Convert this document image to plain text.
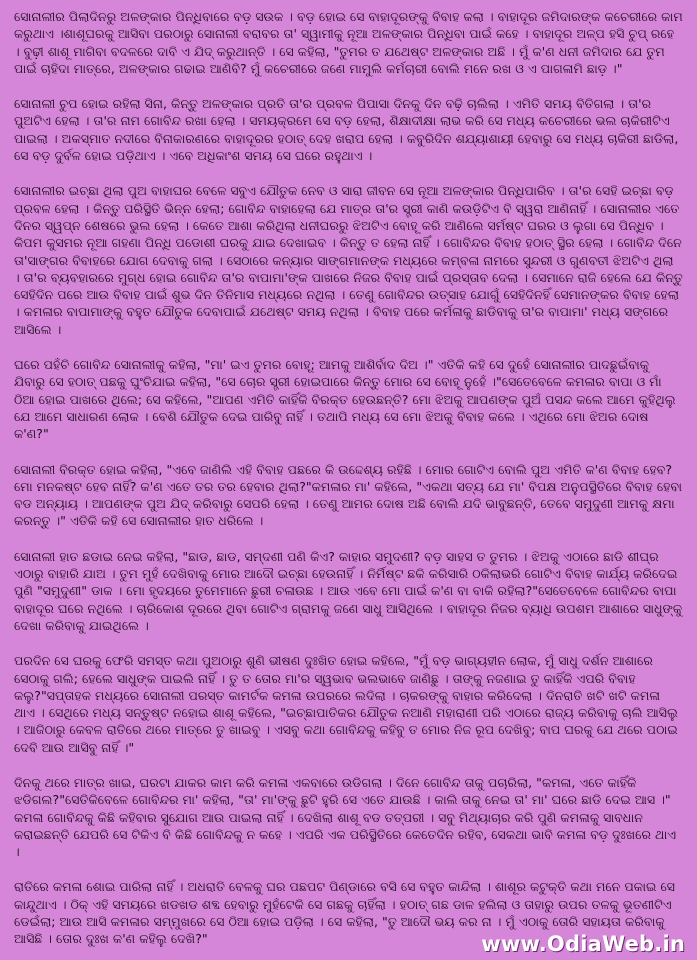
ସୋନାଲୀର ପିଲାଦିନରୁ ଅଳଙ୍କାର ପିନ୍ଧିବାରେ ବଡ଼ ସଉକ । ବଡ଼ ହୋଇ ସେ ବାହାଦୂରଙ୍କୁ ବିବାହ କଲା । ବାହାଦୂର ଜମିଦାରଙ୍କ କଚେରୀରେ କାମ କରୁଥାଏ ।ଶାଶୂଘରକୁ ଆସିବା ପରଠାରୁ ସୋନାଲୀ ବରାବର ତା' ସ୍ୱାମୀକୁ ନୂଆ ଅଳଙ୍କାର ପିନ୍ଧିବା ପାଇଁ କହେ । ବାହାଦୂର ଅଳ୍ପ ହସି ଚୁପ୍ ରହେ । ବୁଢ଼ୀ ଶାଶୂ ମାଗିବା ବଦଳରେ ଦାବି ଏ ଯିଦ୍ କରୁଥାନ୍ତି । ସେ କହିଲା, "ତୁମର ତ ଯଥେଷ୍ଟ ଅଳଙ୍କାର ଅଛି । ମୁଁ କ'ଣ ଧନୀ ଜମିଦାର ଯେ ତୁମ ପାଇଁ ଚାହିଦା ମାତ୍ରେ, ଅଳଙ୍କାର ଗଢାଇ ଆଣିବି? ମୁଁ କଚେରୀରେ ଜଣେ ମାମୁଲି କର୍ମଚାରୀ ବୋଲି ମନେ ରଖ ଓ ଏ ପାଗଳାମି ଛାଡ଼ ।"

ସୋନାଲୀ ଚୁପ ହୋଇ ରହିଲା ସିନା, କିନ୍ତୁ ଅଳଙ୍କାର ପ୍ରତି ତା'ର ପ୍ରବଳ ପିପାସା ଦିନକୁ ଦିନ ବଢ଼ି ଚାଲିଲା । ଏମିତି ସମୟ ବିତିଗଲା । ତା'ର ପୁଅଟିଏ ହେଲା । ତା'ର ନାମ ଗୋବିନ୍ଦ ରଖା ହେଲା । ସମୟକ୍ରମେ ସେ ବଡ଼ ହେଲା, ଶିକ୍ଷାଦୀକ୍ଷା ଲାଭ କରି ସେ ମଧ୍ୟ କଚେରୀରେ ଭଲ ଚାକିରୀଟିଏ ପାଇଲା । ଅକସ୍ମାତ ନଦୀରେ ବିନାକାରଣରେ ବାହାଦୂରର ହଠାତ୍ ଦେହ ଖରାପ ହେଲା । କବୁରିଦିନ ଶଯ୍ୟାଶାୟୀ ହେବାରୁ ସେ ମଧ୍ୟ ଚାକିରୀ ଛାଡିଲା, ସେ ବଡ଼ ଦୁର୍ବଳ ହୋଇ ପଡ଼ିଥାଏ । ଏବେ ଅଧିକାଂଶ ସମୟ ସେ ଘରେ ରହୁଥାଏ ।

ସୋନାଲୀର ଇଚ୍ଛା ଥିଲା ପୁଅ ବାହାଘର ବେଳେ ସବୁଏ ଯୌତୁକ ନେବ ଓ ସାରା ଜୀବନ ସେ ନୂଆ ଅଳଙ୍କାର ପିନ୍ଧିପାରିବ । ତା'ର ସେହି ଇଚ୍ଛା ବଡ଼ ପ୍ରବଳ ହେଲା । କିନ୍ତୁ ପରିସ୍ଥିତି ଭିନ୍ନ ହେଲା; ଗୋବିନ୍ଦ ବାହାହେଲା ଯେ ମାତ୍ର ତା'ର ସ୍ତ୍ରୀ କାଣି କଉଡ଼ିଟିଏ ବି ସ୍ୱରା ଆଣିନାହିଁ । ସୋନାଲୀର ଏତେ ଦିନର ସ୍ୱପ୍ନ ଶେଷରେ ଭୁଲ ହେଲା । କେତେ ଆଶା କରିଥିଲା ଧନୀଘରରୁ ଝିଅଟିଏ ବୋହୂ କରି ଆଣିଲେ ସର୍ମଷ୍ଟ ଘରର ଓ ଲୁଗା ସେ ପିନ୍ଧିବ । କିପମ କୁସମର ନୂଆ ଗହଣା ପିନ୍ଧି ପଡୋଶୀ ଘରକୁ ଯାଇ ଦେଖାଇବ । କିନ୍ତୁ ତ ହେଲା ନାହିଁ । ଗୋବିନ୍ଦର ବିବାହ ହଠାତ୍ ସ୍ଥିର ହେଲା । ଗୋବିନ୍ଦ ଦିନେ ତା'ସାଙ୍ଗର ବିବାହରେ ଯୋଗ ଦେବାକୁ ଗଲା । ସେଠାରେ କନ୍ୟାର ସାଙ୍ଗମାନଙ୍କ ମଧ୍ୟରେ କମ୍ବଳା ନାମରେ ସୁନ୍ଦରୀ ଓ ଗୁଣବତୀ ଝିଅଟିଏ ଥିଲା । ତା'ର ବ୍ୟବହାରରେ ମୁଗ୍ଧ ହୋଇ ଗୋବିନ୍ଦ ତା'ର ବାପାମା'ଙ୍କ ପାଖରେ ନିଜର ବିବାହ ପାଇଁ ପ୍ରସ୍ତାବ ଦେଲା । ସେମାନେ ରାଜି ହେଲେ ଯେ କିନ୍ତୁ ସେହିଦିନ ପରେ ଆଉ ବିବାହ ପାଇଁ ଶୁଭ ଦିନ ତିନିମାସ ମଧ୍ୟରେ ନଥିଲା । ତେଣୁ ଗୋବିନ୍ଦର ଉତ୍ସାହ ଯୋଗୁଁ ସେହିଦିନହିଁ ସେମାନଙ୍କର ବିବାହ ହେଲା । କମଳାର ବାପାମାଙ୍କୁ ବହୁତ ଯୌତୁକ ଦେବାପାଇଁ ଯଥେଷ୍ଟ ସମୟ ନଥିଲା । ବିବାହ ପରେ କର୍ମଳାକୁ ଛାଡିବାକୁ ତା'ର ବାପାମା' ମଧ୍ୟ ସଙ୍ଗରେ ଆସିଲେ ।

ଘରେ ପହଁଚି ଗୋବିନ୍ଦ ସୋନାଲୀକୁ କହିଲା, "ମା' ଇଏ ତୁମର ବୋହୂ; ଆମକୁ ଆଶିର୍ବାଦ ଦିଅ ।" ଏତିକି କହି ସେ ଦୁହେଁ ସୋନାଲୀର ପାଦଛୁଇଁବାକୁ ଯିବାରୁ ସେ ହଠାତ୍ ପଛକୁ ଘୁଂଚିଯାଇ କହିଲା, "ସେ ଚୋର ସ୍ତ୍ରୀ ହୋଇପାରେ କିନ୍ତୁ ମୋର ସେ ବୋହୂ ନୁହେଁ ।"ସେତେବେଳେ କମଳାର ବାପା ଓ ମାଁ ଠିଆ ହୋଇ ପାଖରେ ଥିଲେ; ସେ କହିଲେ, "ଆପଣ ଏମିତି କାହିଁକି ବିରକ୍ତ ହେଉଛନ୍ତି? ମୋ ଝିଅକୁ ଆପଣଙ୍କ ପୁଅଁ ପସନ୍ଦ କଲେ ଆମେ କୁହିଥିଲୁ ଯେ ଆମେ ସାଧାରଣ ଲୋକ । ବେଶି ଯୌତୁକ ଦେଇ ପାରିବୁ ନାହିଁ । ତଥାପି ମଧ୍ୟ ସେ ମୋ ଝିଅକୁ ବିବାହ କଲେ । ଏଥିରେ ମୋ ଝିଅର ଦୋଷ କ'ଣ?"

ସୋନାଲୀ ବିରକ୍ତ ହୋଇ କହିଲା, "ଏବେ ଜାଣିଲି ଏହି ବିବାହ ପଛରେ କି ଉଦ୍ଦେଶ୍ୟ ରହିଛି । ମୋର ଗୋଟିଏ ବୋଲି ପୁଅ ଏମିତି କ'ଣ ବିବାହ ହେବ? ମୋ ମନକଷ୍ଟ ହେବ ନାହିଁ? କ'ଣ ଏତେ ତର ତର ହେବାର ଥିଲା?"କମଳାର ମା' କହିଲେ, "ଏକଥା ସତ୍ୟ ଯେ ମା' ବିପକ୍ଷ ଅନୁପସ୍ଥିତିରେ ବିବାହ ହେବା ବଡ ଅନ୍ୟାୟ । ଆପଣଙ୍କ ପୁଅ ଯିଦ୍ କରିବାରୁ ସେପରି ହେଲା । ତେଣୁ ଆମର ଦୋଷ ଅଛି ବୋଲି ଯଦି ଭାବୁଛନ୍ତି, ତେବେ ସମୁଦୁଣୀ ଆମକୁ କ୍ଷମା କରନ୍ତୁ ।" ଏତିକି କହି ସେ ସୋନାଲୀର ହାତ ଧରିଲେ ।

ସୋନାଲୀ ହାତ ଛଡାଇ ନେଇ କହିଲା, "ଛାଡ, ଛାଡ, ସମ୍ଦଣୀ ପଣି କିଏ? କାହାର ସମୁଦଣୀ? ବଡ଼ ସାହସ ତ ତୁମର । ଝିଅକୁ ଏଠାରେ ଛାଡି ଶୀଘ୍ର ଏଠାରୁ ବାହାରି ଯାଅ । ତୁମ ମୁହଁ ଦେଖିବାକୁ ମୋର ଆଦୌ ଇଚ୍ଛା ହେଉନାହିଁ । ନିର୍ମିଷ୍ଟ ଛକି କରିସାରି ଠକିଲାଭରି ଗୋଟିଏ ବିବାହ କାର୍ଯ୍ୟ କରିଦେଇ ପୁଣି "ସମୁଦୁଣୀ" ଡାକ । ମୋ ହୃଦୟରେ ତୁମେମାନେ ଛୁରୀ ଚଳାଉଛ । ଆଉ ଏବେ ମୋ ପାଇଁ କ'ଣ ବା ବାକି ରହିଲା?"ସେତେବେଳେ ଗୋବିନ୍ଦର ବାପା ବାହାଦୂର ଘରେ ନଥିଲେ । ଚାରିକୋଶ ଦୂରରେ ଥିବା ଗୋଟିଏ ଗ୍ରାମକୁ ଜଣେ ସାଧୁ ଆସିଥିଲେ । ବାହାଦୂର ନିଜର ବ୍ୟାଧି ଉପଶମ ଆଶାରେ ସାଧୁଙ୍କୁ ଦେଖା କରିବାକୁ ଯାଇଥିଲେ ।

ପରଦିନ ସେ ଘରକୁ ଫେରି ସମସ୍ତ କଥା ପୁଅଠାରୁ ଶୁଣି ଭୀଷଣ ଦୁଃଖିତ ହୋଇ କହିଲେ, "ମୁଁ ବଡ଼ ଭାଗ୍ୟହୀନ ଲୋକ, ମୁଁ ସାଧୁ ଦର୍ଶନ ଆଶାରେ ସେଠାକୁ ଗଲି; ହେଲେ ସାଧୁଙ୍କ ପାଇଲି ନାହିଁ । ତୁ ତ ତୋର ମା'ର ସ୍ୱଭାବ ଭଲଭାବେ ଜାଣିଛୁ । ତାଙ୍କୁ ନଜଣାଇ ତୁ କାହିଁକି ଏପରି ବିବାହ କଲୁ?"ସପ୍ତାହକ ମଧ୍ୟରେ ସୋନାଲୀ ପରସ୍ତ କାମର୍ଟକ କମଳା ଉପରରେ ଲଦିଲା । ଚାକରଙ୍କୁ ବାହାର କରିଦେଲା । ଦିନରାତି ଖଟି ଖଟି କମଳା ଥାଏ । ସେଥିରେ ମଧ୍ୟ ସନ୍ତୁଷ୍ଟ ନହୋଇ ଶାଶୂ କହିଲେ, "ଇଚ୍ଛାପାତିକର ଯୌତୁକ ନଆଣି ମହାରାଣୀ ପରି ଏଠାରେ ରାଜ୍ୟ କରିବାକୁ ଚାଲି ଆସିଲୁ । ଆଜିଠାରୁ କେବଳ ରାତିରେ ଥରେ ମାତ୍ରେ ତୁ ଖାଇବୁ । ଏସବୁ କଥା ଗୋବିନ୍ଦକୁ କହିବୁ ତ ମୋର ନିଜ ରୂପ ଦେଖିବୁ; ବାପ ଘରକୁ ଯେ ଥରେ ପଠାଇ ଦେବି ଆଉ ଆସିବୁ ନାହିଁ ।"

ଦିନକୁ ଥରେ ମାତ୍ର ଖାଇ, ଘରଟା ଯାକର କାମ କରି କମଳା ଏକବାରେ ଉଡିଗଲା । ଦିନେ ଗୋବିନ୍ଦ ତାକୁ ପଚାରିଲା, "କମଳା, ଏତେ କାହିଁକି ଝଡିଗଲ?"ସେତିକିବେଳେ ଗୋବିନ୍ଦର ମା' କହିଲା, "ତା' ମା'ଙ୍କୁ ଛୁଟି ହୁରି ସେ ଏତେ ଯାଉଛି । କାଲି ତାକୁ ନେଇ ତା' ମା' ଘରେ ଛାଡି ଦେଇ ଆସ ।" କମଳା ଗୋବିନ୍ଦକୁ କିଛି କହିବାର ସୁଯୋଗ ଆଉ ପାଇଲା ନାହିଁ । ଦେଖିଲା ଶାଶୂ ବଡ ତତ୍ପରୀ । ସବୁ ମିଥ୍ୟାଚାର କରି ପୁଣି କମଳାକୁ ସାବଧାନ କରାଇଛନ୍ତି ଯେପରି ସେ ଟିକିଏ ବି କିଛି ଗୋବିନ୍ଦକୁ ନ କହେ । ଏପରି ଏକ ପରିସ୍ଥିତିରେ କେତେଦିନ ରହିବ, ସେକଥା ଭାବି କମଳା ବଡ଼ ଦୁଃଖରେ ଥାଏ ।

ରାତିରେ କମଳା ଶୋଇ ପାରିଲା ନାହିଁ । ଅଧରାତି ବେଳକୁ ଘର ପଛପଟ ପିଣ୍ଡାରେ ବସି ସେ ବହୁତ କାନ୍ଦିଲା । ଶାଶୂର କଟୁକ୍ତି କଥା ମନେ ପକାଇ ସେ କାନ୍ଦୁଥାଏ । ଠିକ୍ ଏହି ସମୟରେ ଖଡଖଡ ଶବ୍ଦ ହେବାରୁ ମୁହଁଟେକି ସେ ଗଛକୁ ଚାହିଁଲା । ହଠାତ୍ ଗଛ ଡାଳ ହଲିଲା ଓ ତାହାରୁ ଉପର ତଳକୁ ଭୂତଣୀଟିଏ ଡେଇଁଲା; ଆଉ ଆସି କମଳାର ସମ୍ମୁଖରେ ସେ ଠିଆ ହୋଇ ପଡ଼ିଲା । ସେ କହିଲା, "ତୁ ଆଦୌ ଭୟ କର ନା । ମୁଁ ଏଠାକୁ ତୋରି ସହାୟତା କରିବାକୁ ଆସିଛି । ତୋର ଦୁଃଖ କ'ଣ କହିଲୁ ଦେଖି?"	www.OdiaWeb.in
